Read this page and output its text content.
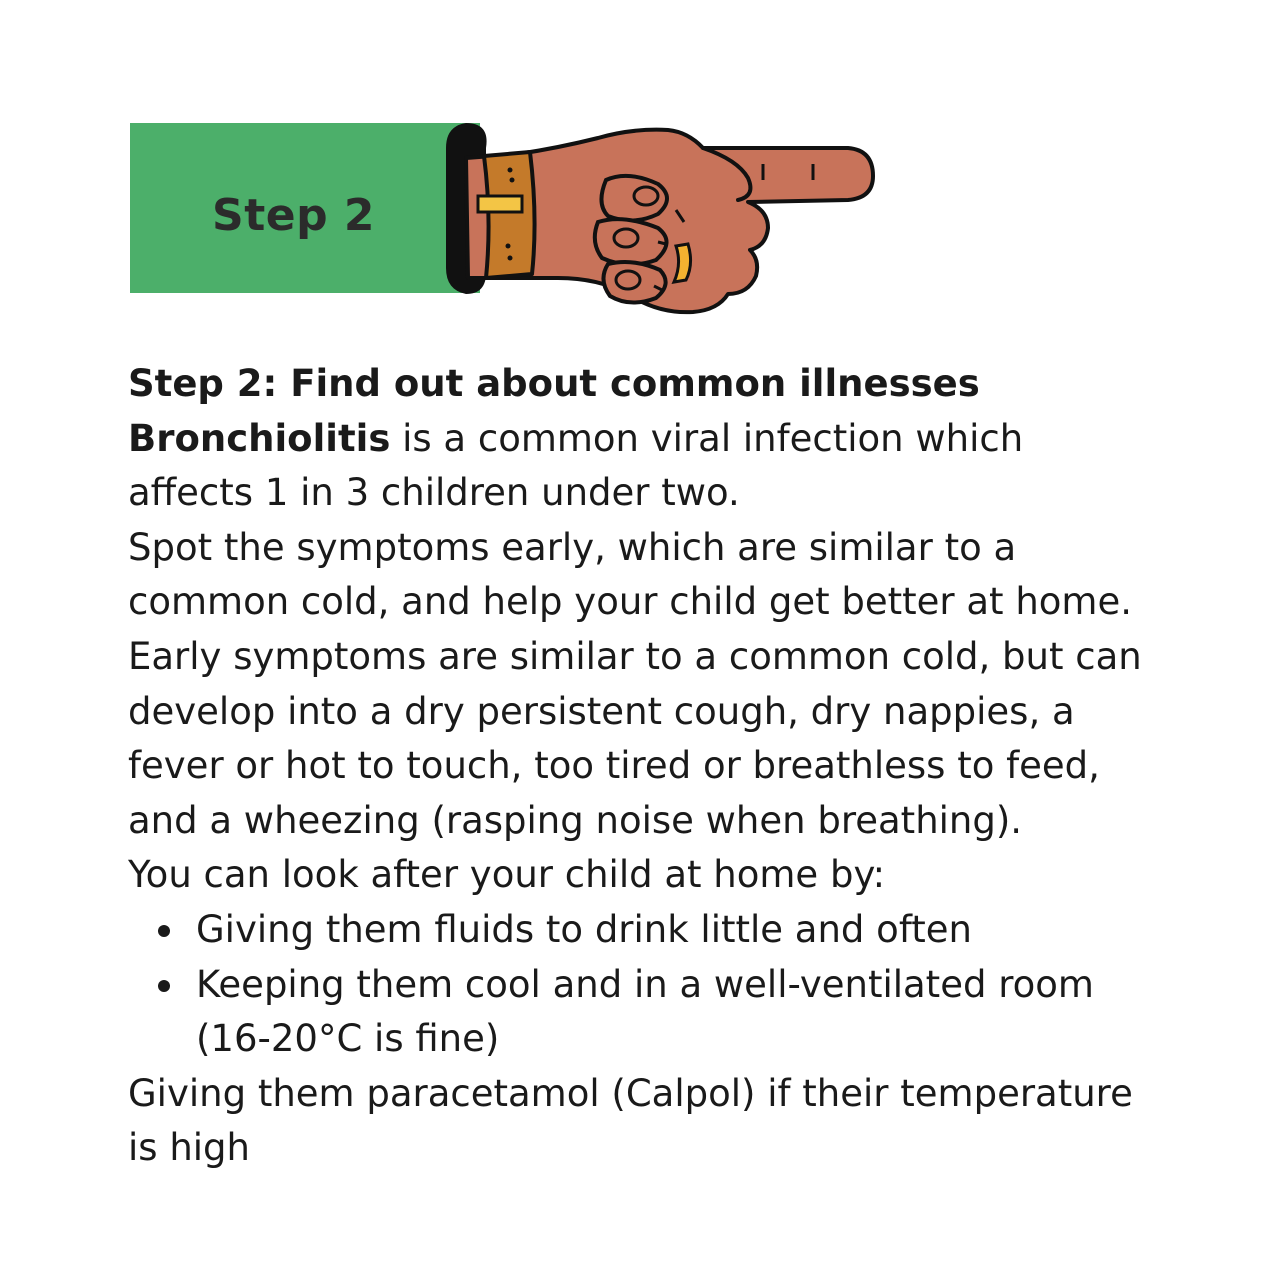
Step 2

Step 2: Find out about common illnesses

Bronchiolitis is a common viral infection which
affects 1 in 3 children under two.

Spot the symptoms early, which are similar to a common cold, and help your child get better at home.

Early symptoms are similar to a common cold, but can develop into a dry persistent cough, dry nappies, a fever or hot to touch, too tired or breathless to feed, and a wheezing (rasping noise when breathing).

You can look after your child at home by:

Giving them fluids to drink little and often
Keeping them cool and in a well-ventilated room (16-20°C is fine)

Giving them paracetamol (Calpol) if their temperature is high
